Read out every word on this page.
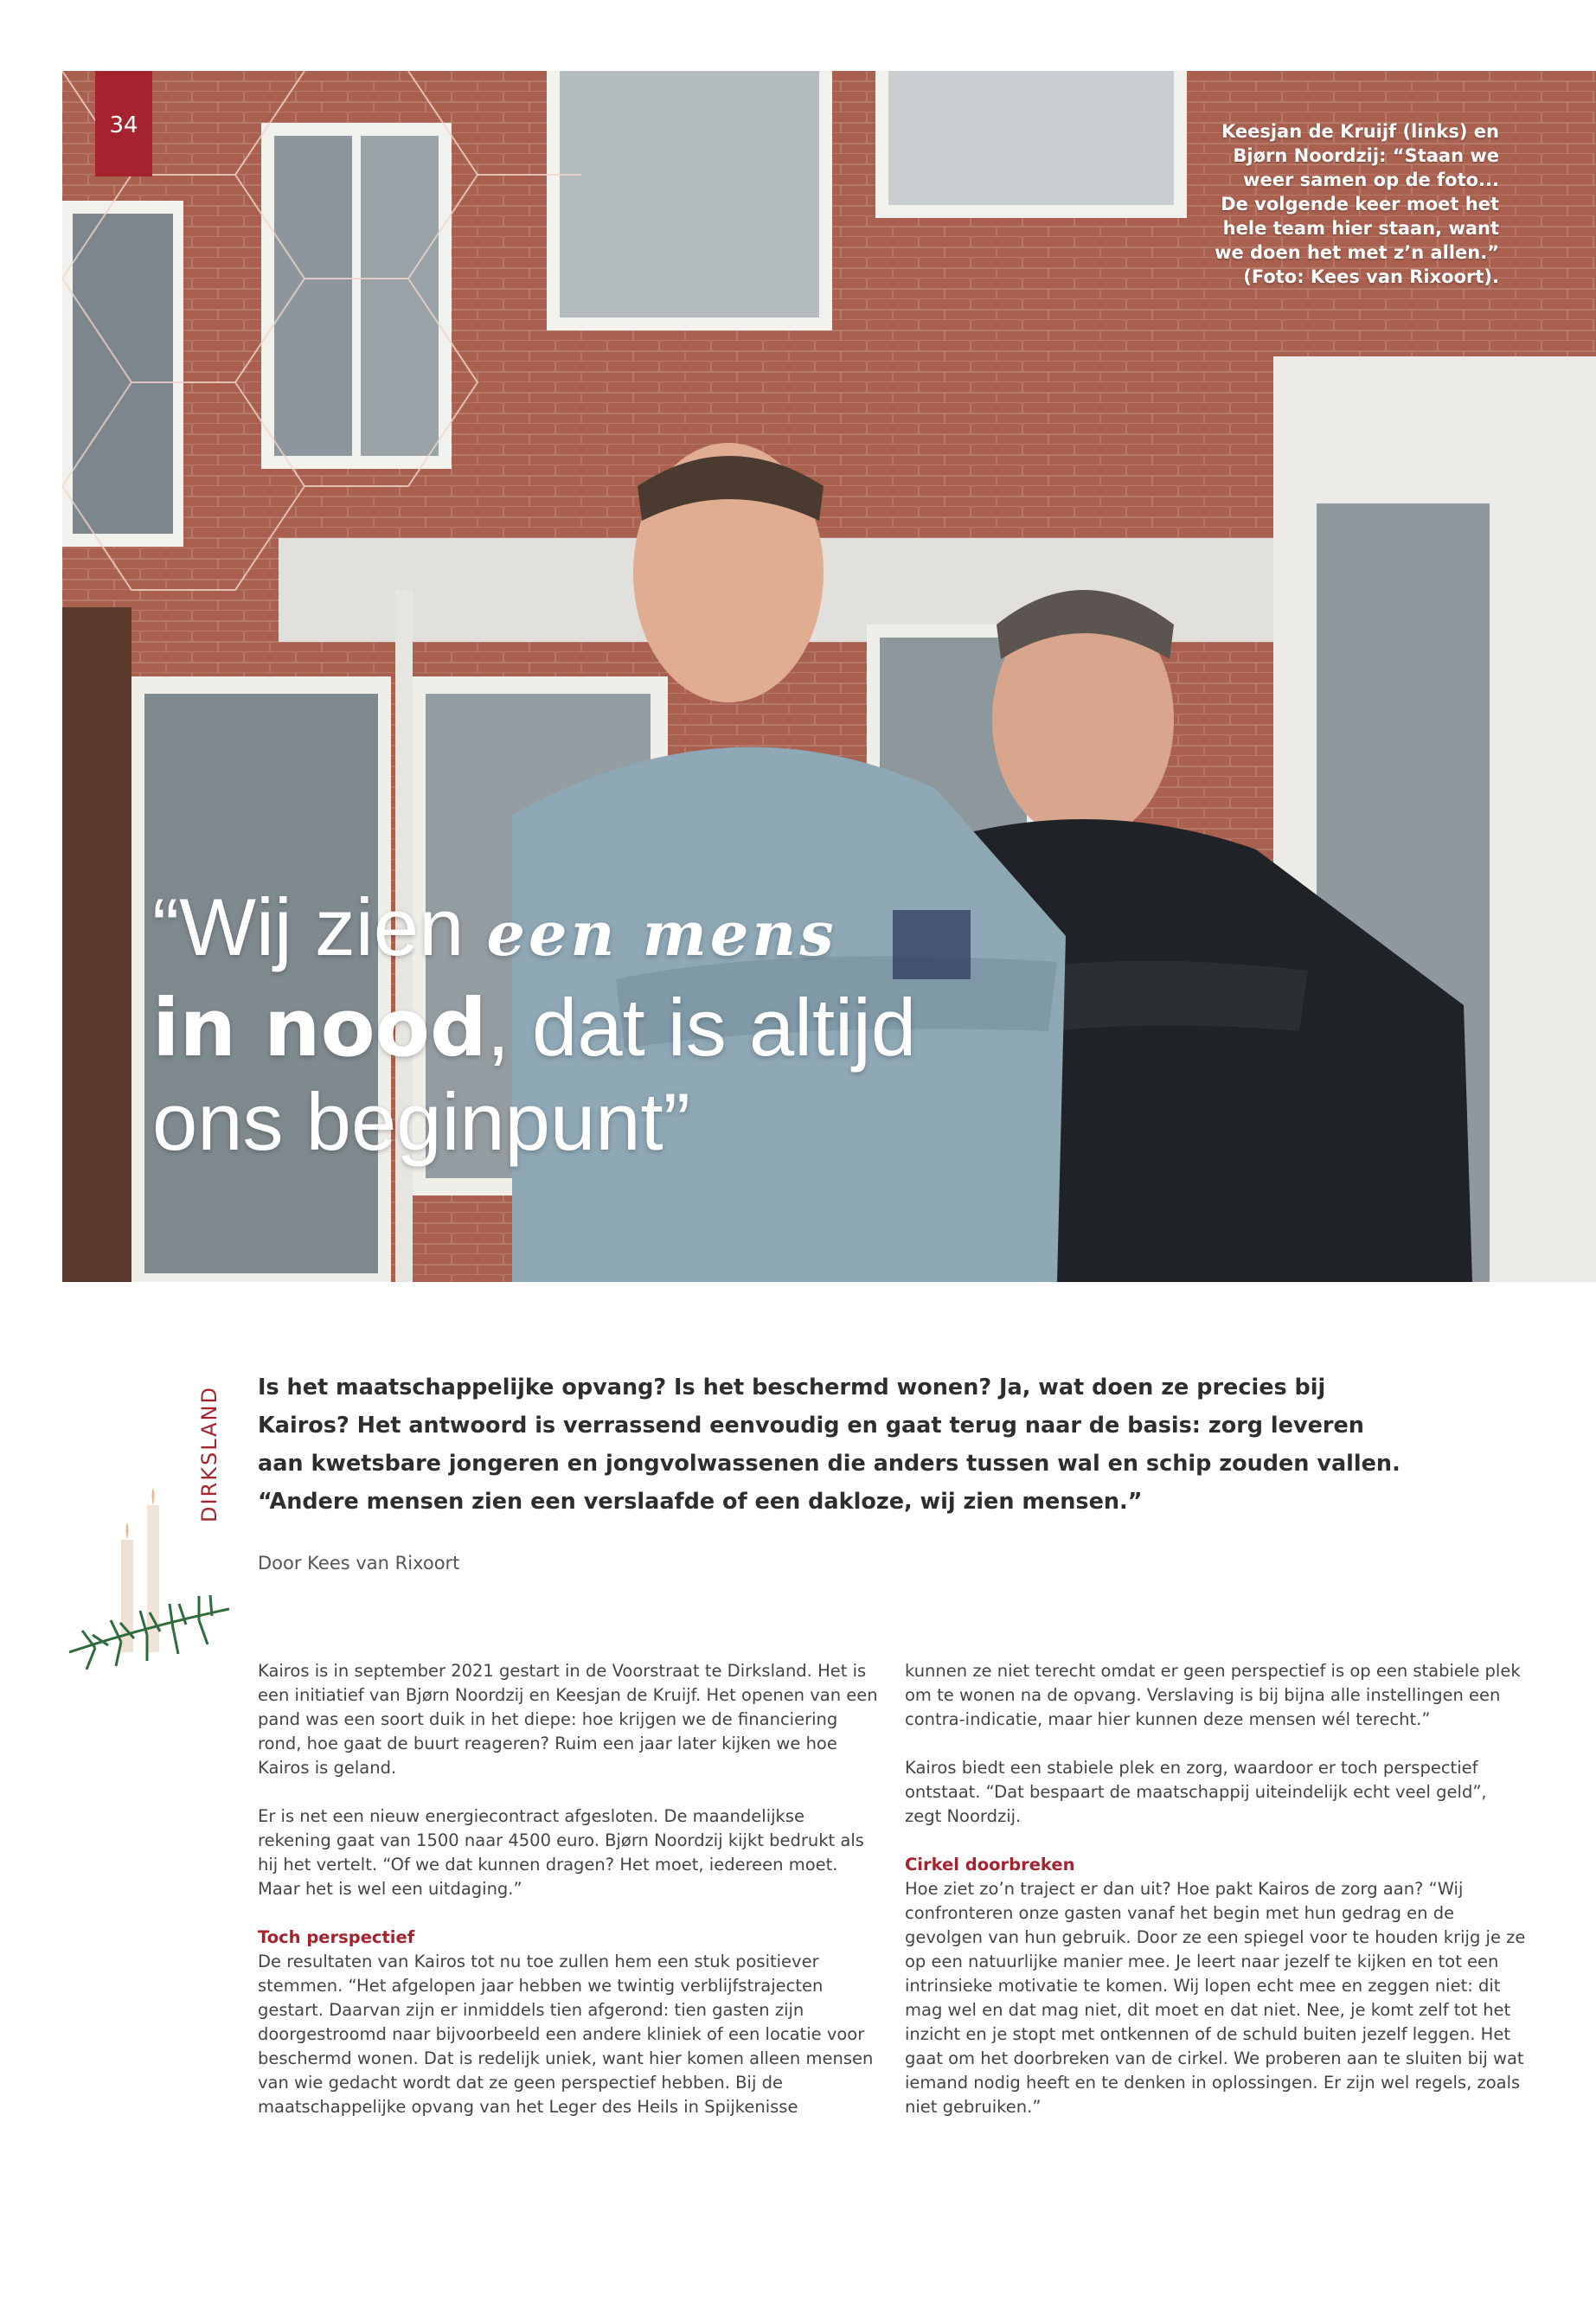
34	Keesjan de Kruijf (links) en Bjørn Noordzij: “Staan we weer samen op de foto... De volgende keer moet het hele team hier staan, want we doen het met z’n allen.” (Foto: Kees van Rixoort).
“Wij zien een mens
in nood, dat is altijd
ons beginpunt”
DIRKSLAND Is het maatschappelijke opvang? Is het beschermd wonen? Ja, wat doen ze precies bij Kairos? Het antwoord is verrassend eenvoudig en gaat terug naar de basis: zorg leveren aan kwetsbare jongeren en jongvolwassenen die anders tussen wal en schip zouden vallen. “Andere mensen zien een verslaafde of een dakloze, wij zien mensen.”
Door Kees van Rixoort

Kairos is in september 2021 gestart in de Voorstraat te Dirksland. Het is een initiatief van Bjørn Noordzij en Keesjan de Kruijf. Het openen van een pand was een soort duik in het diepe: hoe krijgen we de financiering rond, hoe gaat de buurt reageren? Ruim een jaar later kijken we hoe Kairos is geland.

Er is net een nieuw energiecontract afgesloten. De maandelijkse rekening gaat van 1500 naar 4500 euro. Bjørn Noordzij kijkt bedrukt als hij het vertelt. “Of we dat kunnen dragen? Het moet, iedereen moet. Maar het is wel een uitdaging.”

Toch perspectief

De resultaten van Kairos tot nu toe zullen hem een stuk positiever stemmen. “Het afgelopen jaar hebben we twintig verblijfstrajecten gestart. Daarvan zijn er inmiddels tien afgerond: tien gasten zijn doorgestroomd naar bijvoorbeeld een andere kliniek of een locatie voor beschermd wonen. Dat is redelijk uniek, want hier komen alleen mensen van wie gedacht wordt dat ze geen perspectief hebben. Bij de maatschappelijke opvang van het Leger des Heils in Spijkenisse

kunnen ze niet terecht omdat er geen perspectief is op een stabiele plek om te wonen na de opvang. Verslaving is bij bijna alle instellingen een contra-indicatie, maar hier kunnen deze mensen wél terecht.”

Kairos biedt een stabiele plek en zorg, waardoor er toch perspectief ontstaat. “Dat bespaart de maatschappij uiteindelijk echt veel geld”, zegt Noordzij.

Cirkel doorbreken

Hoe ziet zo’n traject er dan uit? Hoe pakt Kairos de zorg aan? “Wij confronteren onze gasten vanaf het begin met hun gedrag en de gevolgen van hun gebruik. Door ze een spiegel voor te houden krijg je ze op een natuurlijke manier mee. Je leert naar jezelf te kijken en tot een intrinsieke motivatie te komen. Wij lopen echt mee en zeggen niet: dit mag wel en dat mag niet, dit moet en dat niet. Nee, je komt zelf tot het inzicht en je stopt met ontkennen of de schuld buiten jezelf leggen. Het gaat om het doorbreken van de cirkel. We proberen aan te sluiten bij wat iemand nodig heeft en te denken in oplossingen. Er zijn wel regels, zoals niet gebruiken.”
